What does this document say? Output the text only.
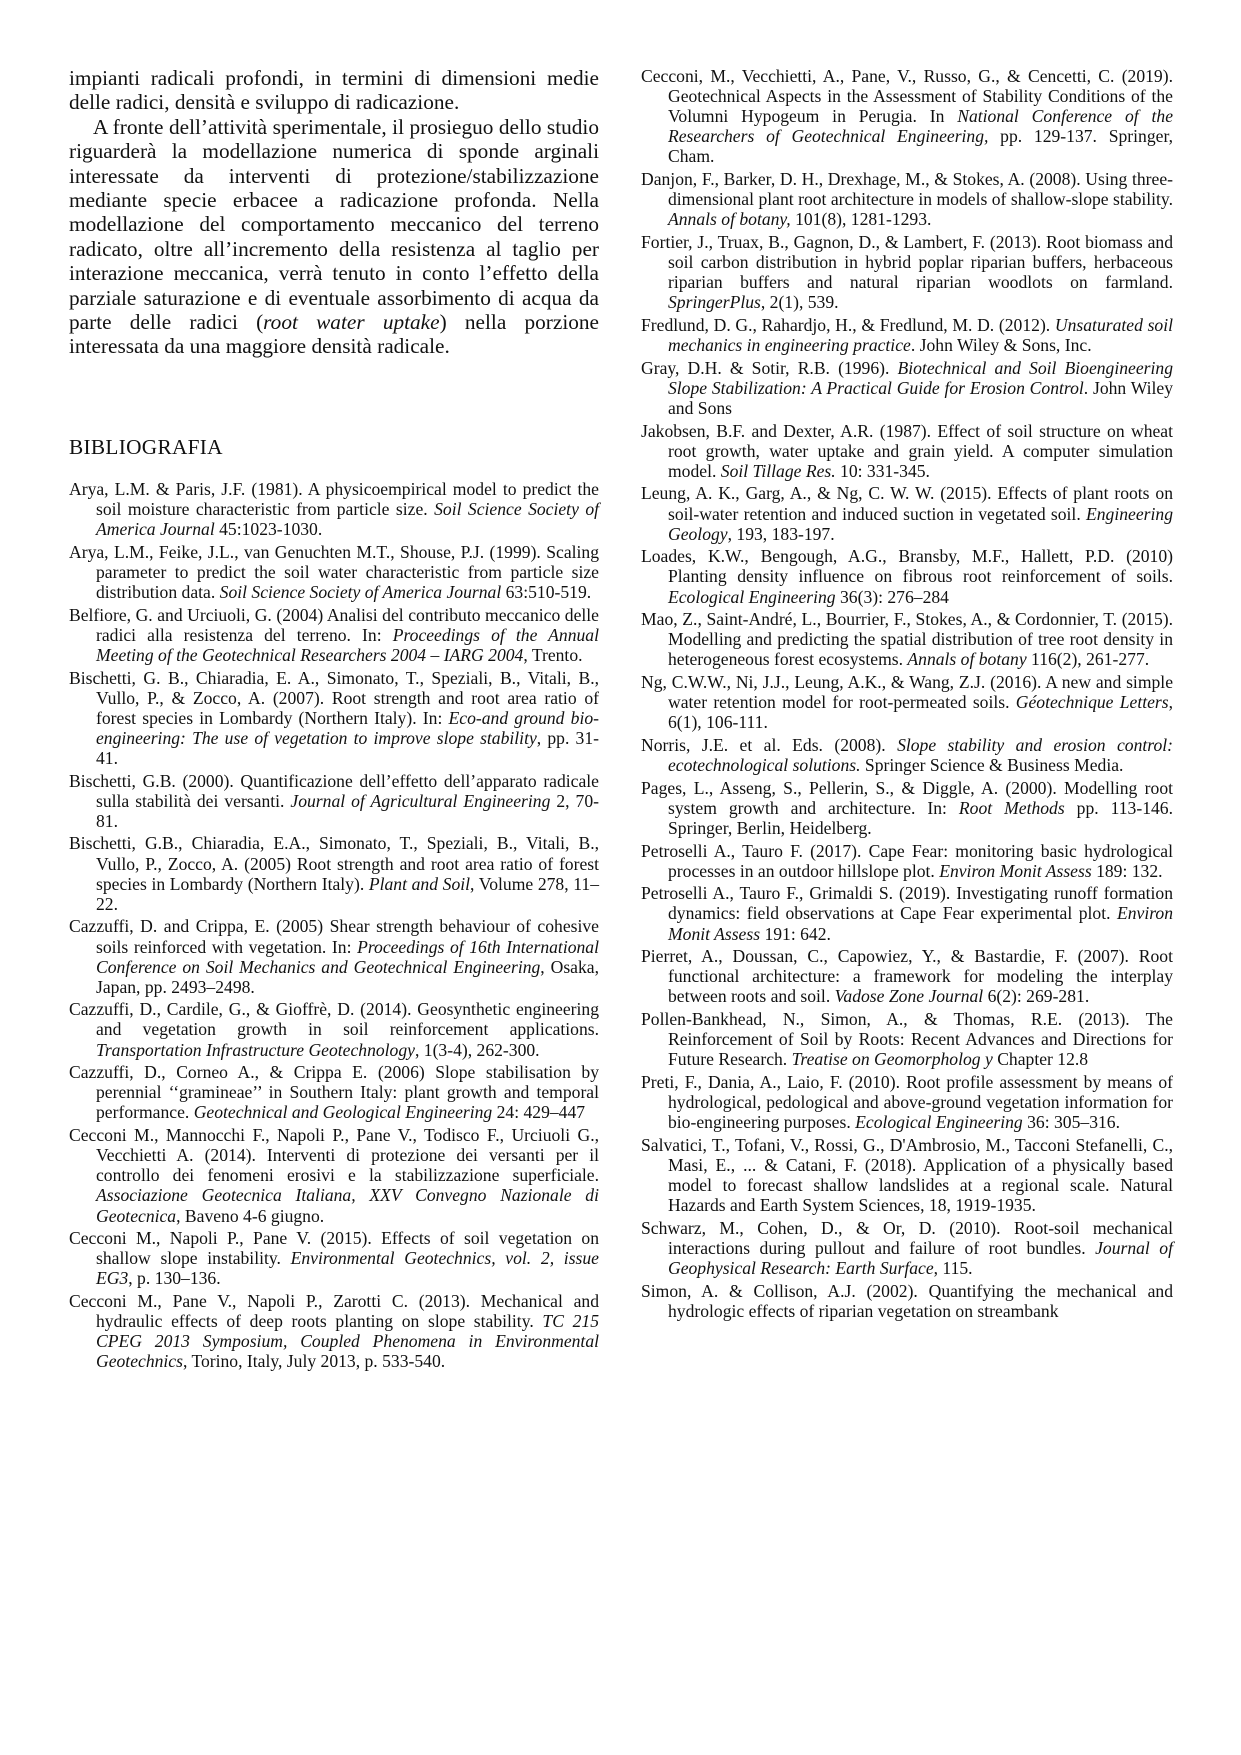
impianti radicali profondi, in termini di dimensioni medie delle radici, densità e sviluppo di radicazione.

A fronte dell’attività sperimentale, il prosieguo dello studio riguarderà la modellazione numerica di sponde arginali interessate da interventi di protezione/stabilizzazione mediante specie erbacee a radicazione profonda. Nella modellazione del comportamento meccanico del terreno radicato, oltre all’incremento della resistenza al taglio per interazione meccanica, verrà tenuto in conto l’effetto della parziale saturazione e di eventuale assorbimento di acqua da parte delle radici (root water uptake) nella porzione interessata da una maggiore densità radicale.

BIBLIOGRAFIA
Arya, L.M. & Paris, J.F. (1981). A physicoempirical model to predict the soil moisture characteristic from particle size. Soil Science Society of America Journal 45:1023-1030.
Arya, L.M., Feike, J.L., van Genuchten M.T., Shouse, P.J. (1999). Scaling parameter to predict the soil water characteristic from particle size distribution data. Soil Science Society of America Journal 63:510-519.
Belfiore, G. and Urciuoli, G. (2004) Analisi del contributo meccanico delle radici alla resistenza del terreno. In: Proceedings of the Annual Meeting of the Geotechnical Researchers 2004 – IARG 2004, Trento.
Bischetti, G. B., Chiaradia, E. A., Simonato, T., Speziali, B., Vitali, B., Vullo, P., & Zocco, A. (2007). Root strength and root area ratio of forest species in Lombardy (Northern Italy). In: Eco-and ground bio-engineering: The use of vegetation to improve slope stability, pp. 31-41.
Bischetti, G.B. (2000). Quantificazione dell’effetto dell’apparato radicale sulla stabilità dei versanti. Journal of Agricultural Engineering 2, 70-81.
Bischetti, G.B., Chiaradia, E.A., Simonato, T., Speziali, B., Vitali, B., Vullo, P., Zocco, A. (2005) Root strength and root area ratio of forest species in Lombardy (Northern Italy). Plant and Soil, Volume 278, 11–22.
Cazzuffi, D. and Crippa, E. (2005) Shear strength behaviour of cohesive soils reinforced with vegetation. In: Proceedings of 16th International Conference on Soil Mechanics and Geotechnical Engineering, Osaka, Japan, pp. 2493–2498.
Cazzuffi, D., Cardile, G., & Gioffrè, D. (2014). Geosynthetic engineering and vegetation growth in soil reinforcement applications. Transportation Infrastructure Geotechnology, 1(3-4), 262-300.
Cazzuffi, D., Corneo A., & Crippa E. (2006) Slope stabilisation by perennial ‘‘gramineae’’ in Southern Italy: plant growth and temporal performance. Geotechnical and Geological Engineering 24: 429–447
Cecconi M., Mannocchi F., Napoli P., Pane V., Todisco F., Urciuoli G., Vecchietti A. (2014). Interventi di protezione dei versanti per il controllo dei fenomeni erosivi e la stabilizzazione superficiale. Associazione Geotecnica Italiana, XXV Convegno Nazionale di Geotecnica, Baveno 4-6 giugno.
Cecconi M., Napoli P., Pane V. (2015). Effects of soil vegetation on shallow slope instability. Environmental Geotechnics, vol. 2, issue EG3, p. 130–136.
Cecconi M., Pane V., Napoli P., Zarotti C. (2013). Mechanical and hydraulic effects of deep roots planting on slope stability. TC 215 CPEG 2013 Symposium, Coupled Phenomena in Environmental Geotechnics, Torino, Italy, July 2013, p. 533-540.
Cecconi, M., Vecchietti, A., Pane, V., Russo, G., & Cencetti, C. (2019). Geotechnical Aspects in the Assessment of Stability Conditions of the Volumni Hypogeum in Perugia. In National Conference of the Researchers of Geotechnical Engineering, pp. 129-137. Springer, Cham.
Danjon, F., Barker, D. H., Drexhage, M., & Stokes, A. (2008). Using three-dimensional plant root architecture in models of shallow-slope stability. Annals of botany, 101(8), 1281-1293.
Fortier, J., Truax, B., Gagnon, D., & Lambert, F. (2013). Root biomass and soil carbon distribution in hybrid poplar riparian buffers, herbaceous riparian buffers and natural riparian woodlots on farmland. SpringerPlus, 2(1), 539.
Fredlund, D. G., Rahardjo, H., & Fredlund, M. D. (2012). Unsaturated soil mechanics in engineering practice. John Wiley & Sons, Inc.
Gray, D.H. & Sotir, R.B. (1996). Biotechnical and Soil Bioengineering Slope Stabilization: A Practical Guide for Erosion Control. John Wiley and Sons
Jakobsen, B.F. and Dexter, A.R. (1987). Effect of soil structure on wheat root growth, water uptake and grain yield. A computer simulation model. Soil Tillage Res. 10: 331-345.
Leung, A. K., Garg, A., & Ng, C. W. W. (2015). Effects of plant roots on soil-water retention and induced suction in vegetated soil. Engineering Geology, 193, 183-197.
Loades, K.W., Bengough, A.G., Bransby, M.F., Hallett, P.D. (2010) Planting density influence on fibrous root reinforcement of soils. Ecological Engineering 36(3): 276–284
Mao, Z., Saint-André, L., Bourrier, F., Stokes, A., & Cordonnier, T. (2015). Modelling and predicting the spatial distribution of tree root density in heterogeneous forest ecosystems. Annals of botany 116(2), 261-277.
Ng, C.W.W., Ni, J.J., Leung, A.K., & Wang, Z.J. (2016). A new and simple water retention model for root-permeated soils. Géotechnique Letters, 6(1), 106-111.
Norris, J.E. et al. Eds. (2008). Slope stability and erosion control: ecotechnological solutions. Springer Science & Business Media.
Pages, L., Asseng, S., Pellerin, S., & Diggle, A. (2000). Modelling root system growth and architecture. In: Root Methods pp. 113-146. Springer, Berlin, Heidelberg.
Petroselli A., Tauro F. (2017). Cape Fear: monitoring basic hydrological processes in an outdoor hillslope plot. Environ Monit Assess 189: 132.
Petroselli A., Tauro F., Grimaldi S. (2019). Investigating runoff formation dynamics: field observations at Cape Fear experimental plot. Environ Monit Assess 191: 642.
Pierret, A., Doussan, C., Capowiez, Y., & Bastardie, F. (2007). Root functional architecture: a framework for modeling the interplay between roots and soil. Vadose Zone Journal 6(2): 269-281.
Pollen-Bankhead, N., Simon, A., & Thomas, R.E. (2013). The Reinforcement of Soil by Roots: Recent Advances and Directions for Future Research. Treatise on Geomorpholog y Chapter 12.8
Preti, F., Dania, A., Laio, F. (2010). Root profile assessment by means of hydrological, pedological and above-ground vegetation information for bio-engineering purposes. Ecological Engineering 36: 305–316.
Salvatici, T., Tofani, V., Rossi, G., D'Ambrosio, M., Tacconi Stefanelli, C., Masi, E., ... & Catani, F. (2018). Application of a physically based model to forecast shallow landslides at a regional scale. Natural Hazards and Earth System Sciences, 18, 1919-1935.
Schwarz, M., Cohen, D., & Or, D. (2010). Root-soil mechanical interactions during pullout and failure of root bundles. Journal of Geophysical Research: Earth Surface, 115.
Simon, A. & Collison, A.J. (2002). Quantifying the mechanical and hydrologic effects of riparian vegetation on streambank
